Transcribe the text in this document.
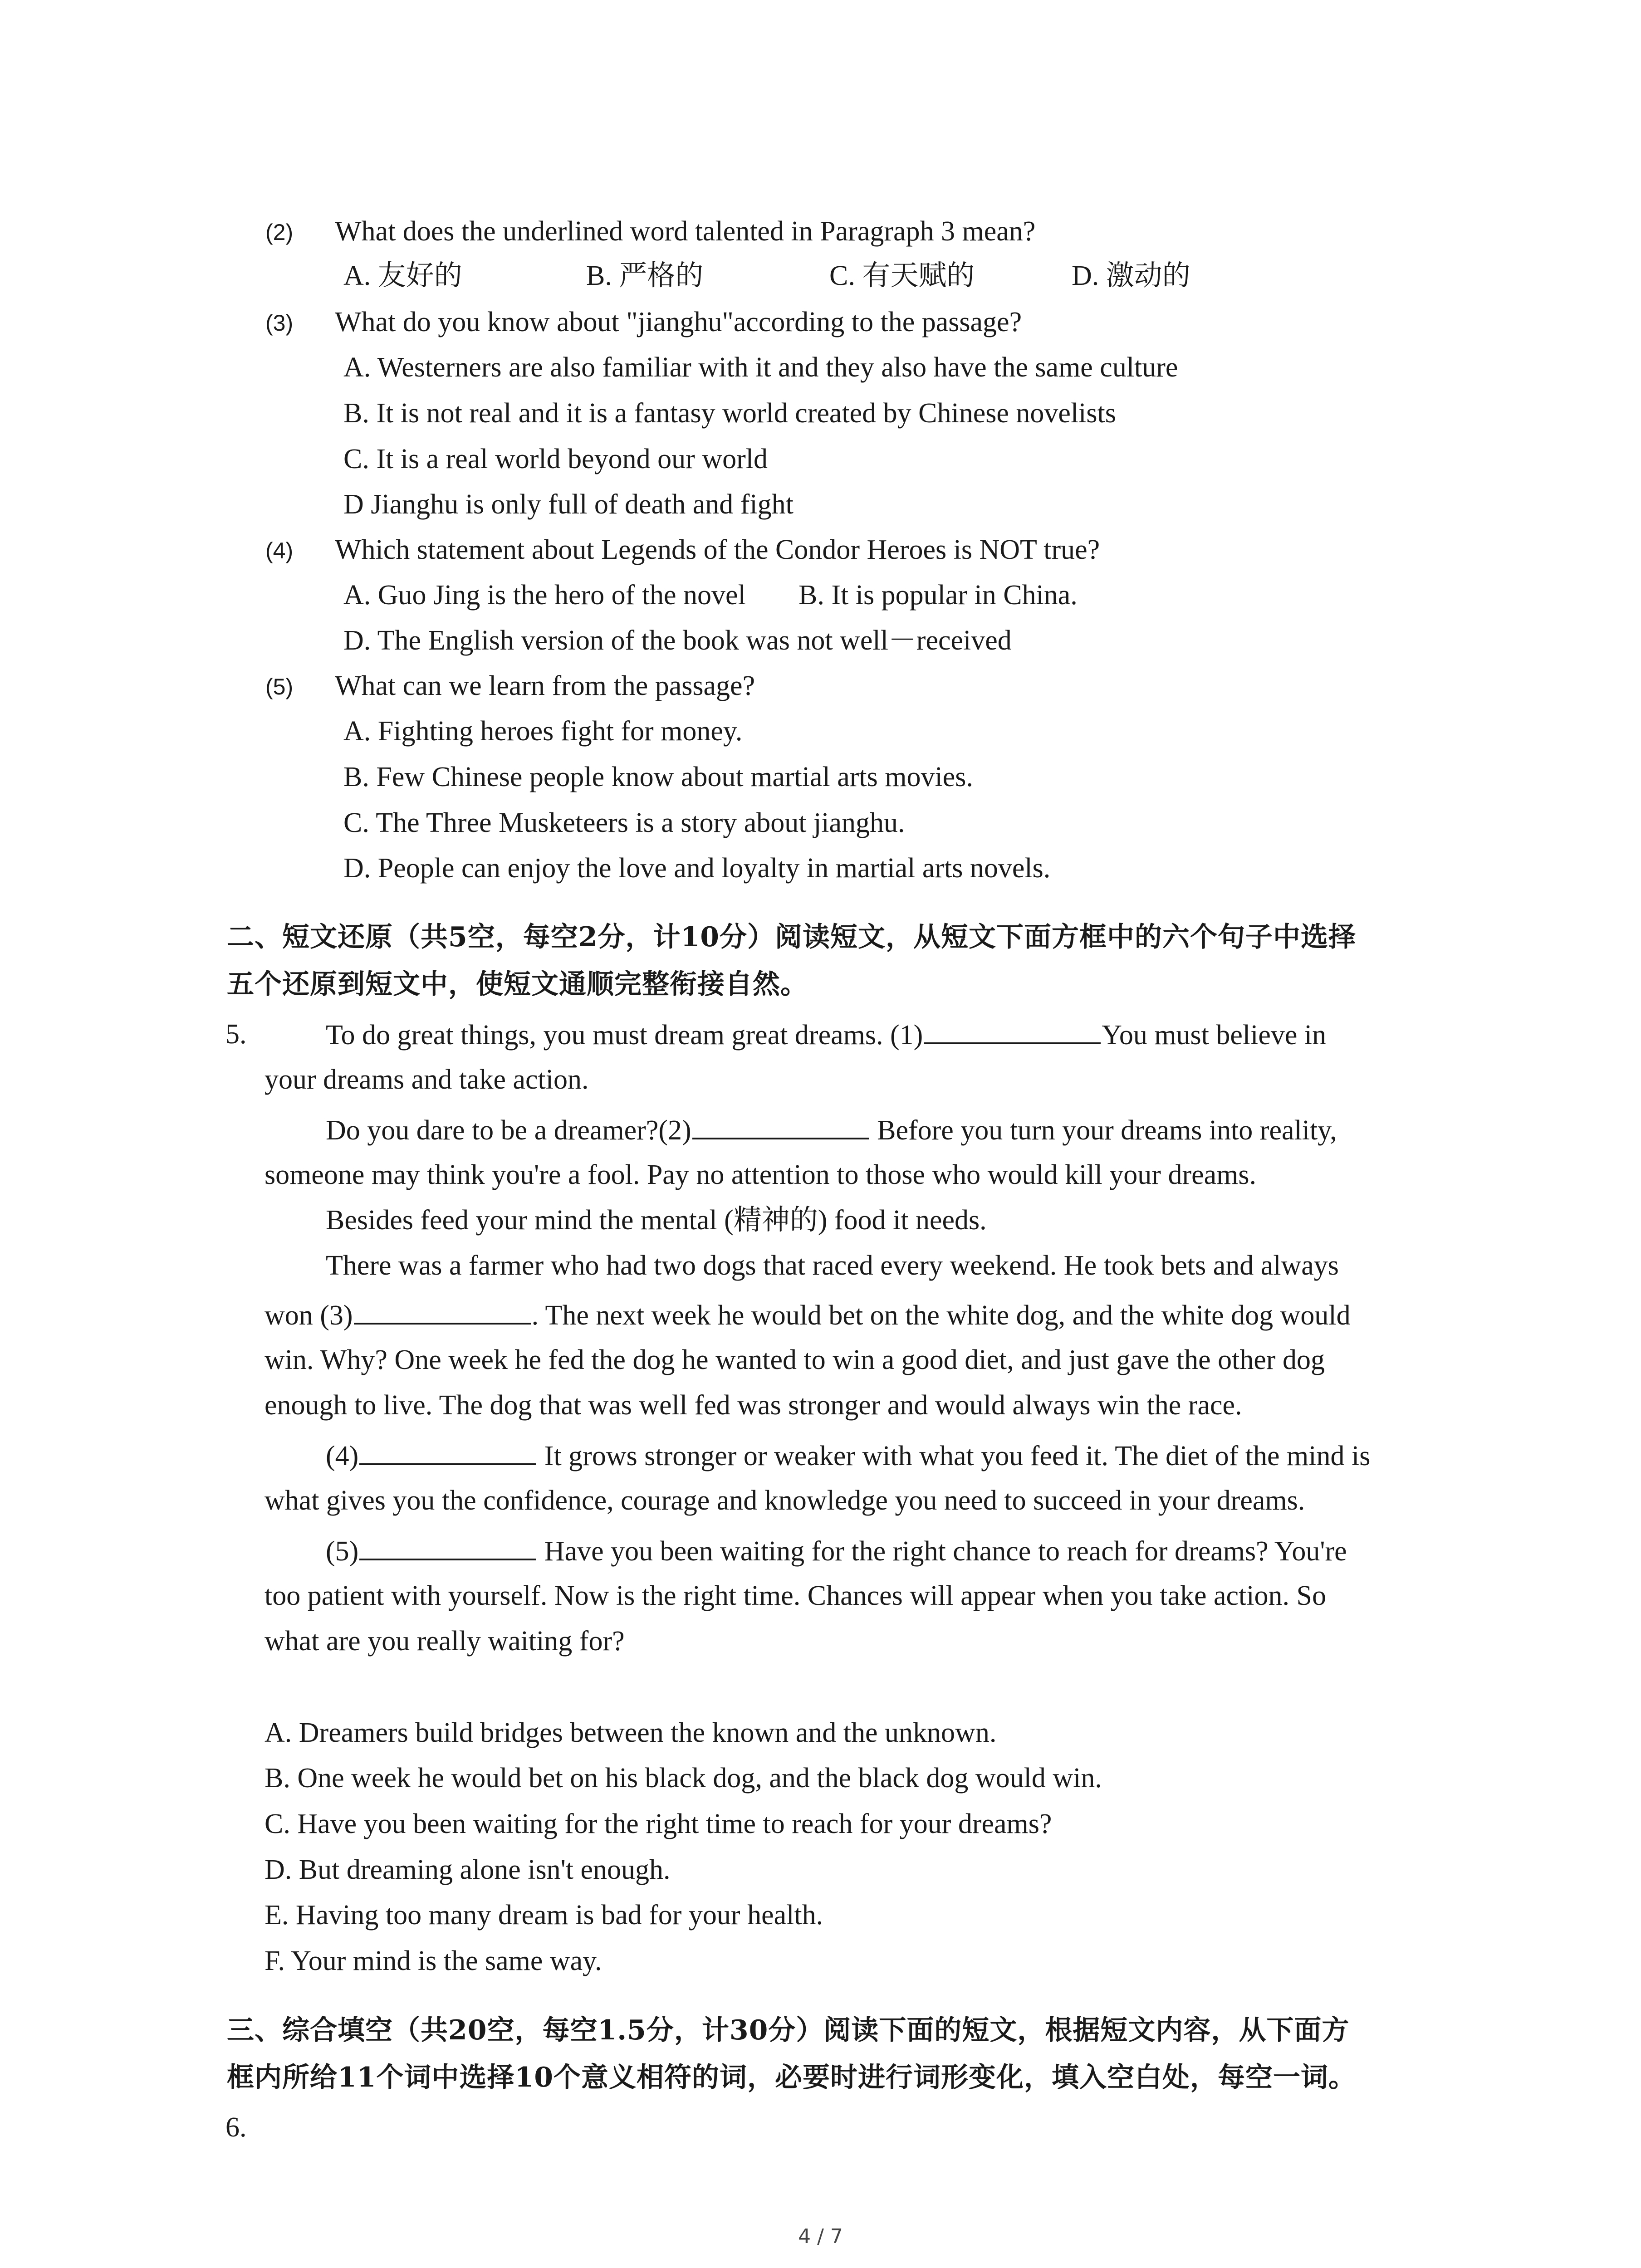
(2) What does the underlined word talented in Paragraph 3 mean?
A. 友好的	B. 严格的	C. 有天赋的	D. 激动的
(3) What do you know about "jianghu"according to the passage?
A. Westerners are also familiar with it and they also have the same culture
B. It is not real and it is a fantasy world created by Chinese novelists
C. It is a real world beyond our world
D Jianghu is only full of death and fight
(4) Which statement about Legends of the Condor Heroes is NOT true?
A. Guo Jing is the hero of the novel B. It is popular in China.
D. The English version of the book was not well－received
(5) What can we learn from the passage?
A. Fighting heroes fight for money.
B. Few Chinese people know about martial arts movies.
C. The Three Musketeers is a story about jianghu.
D. People can enjoy the love and loyalty in martial arts novels.
二、短文还原（共5空，每空2分，计10分）阅读短文，从短文下面方框中的六个句子中选择
五个还原到短文中，使短文通顺完整衔接自然。
5.	To do great things, you must dream great dreams. (1)	You must believe in
your dreams and take action.
Do you dare to be a dreamer?(2)	Before you turn your dreams into reality,
someone may think you're a fool. Pay no attention to those who would kill your dreams.
Besides feed your mind the mental (精神的) food it needs.
There was a farmer who had two dogs that raced every weekend. He took bets and always
won (3)	. The next week he would bet on the white dog, and the white dog would
win. Why? One week he fed the dog he wanted to win a good diet, and just gave the other dog
enough to live. The dog that was well fed was stronger and would always win the race.
(4)	It grows stronger or weaker with what you feed it. The diet of the mind is
what gives you the confidence, courage and knowledge you need to succeed in your dreams.
(5)	Have you been waiting for the right chance to reach for dreams? You're
too patient with yourself. Now is the right time. Chances will appear when you take action. So
what are you really waiting for?
A. Dreamers build bridges between the known and the unknown.
B. One week he would bet on his black dog, and the black dog would win.
C. Have you been waiting for the right time to reach for your dreams?
D. But dreaming alone isn't enough.
E. Having too many dream is bad for your health.
F. Your mind is the same way.
三、综合填空（共20空，每空1.5分，计30分）阅读下面的短文，根据短文内容，从下面方
框内所给11个词中选择10个意义相符的词，必要时进行词形变化，填入空白处，每空一词。
6.
4 / 7
